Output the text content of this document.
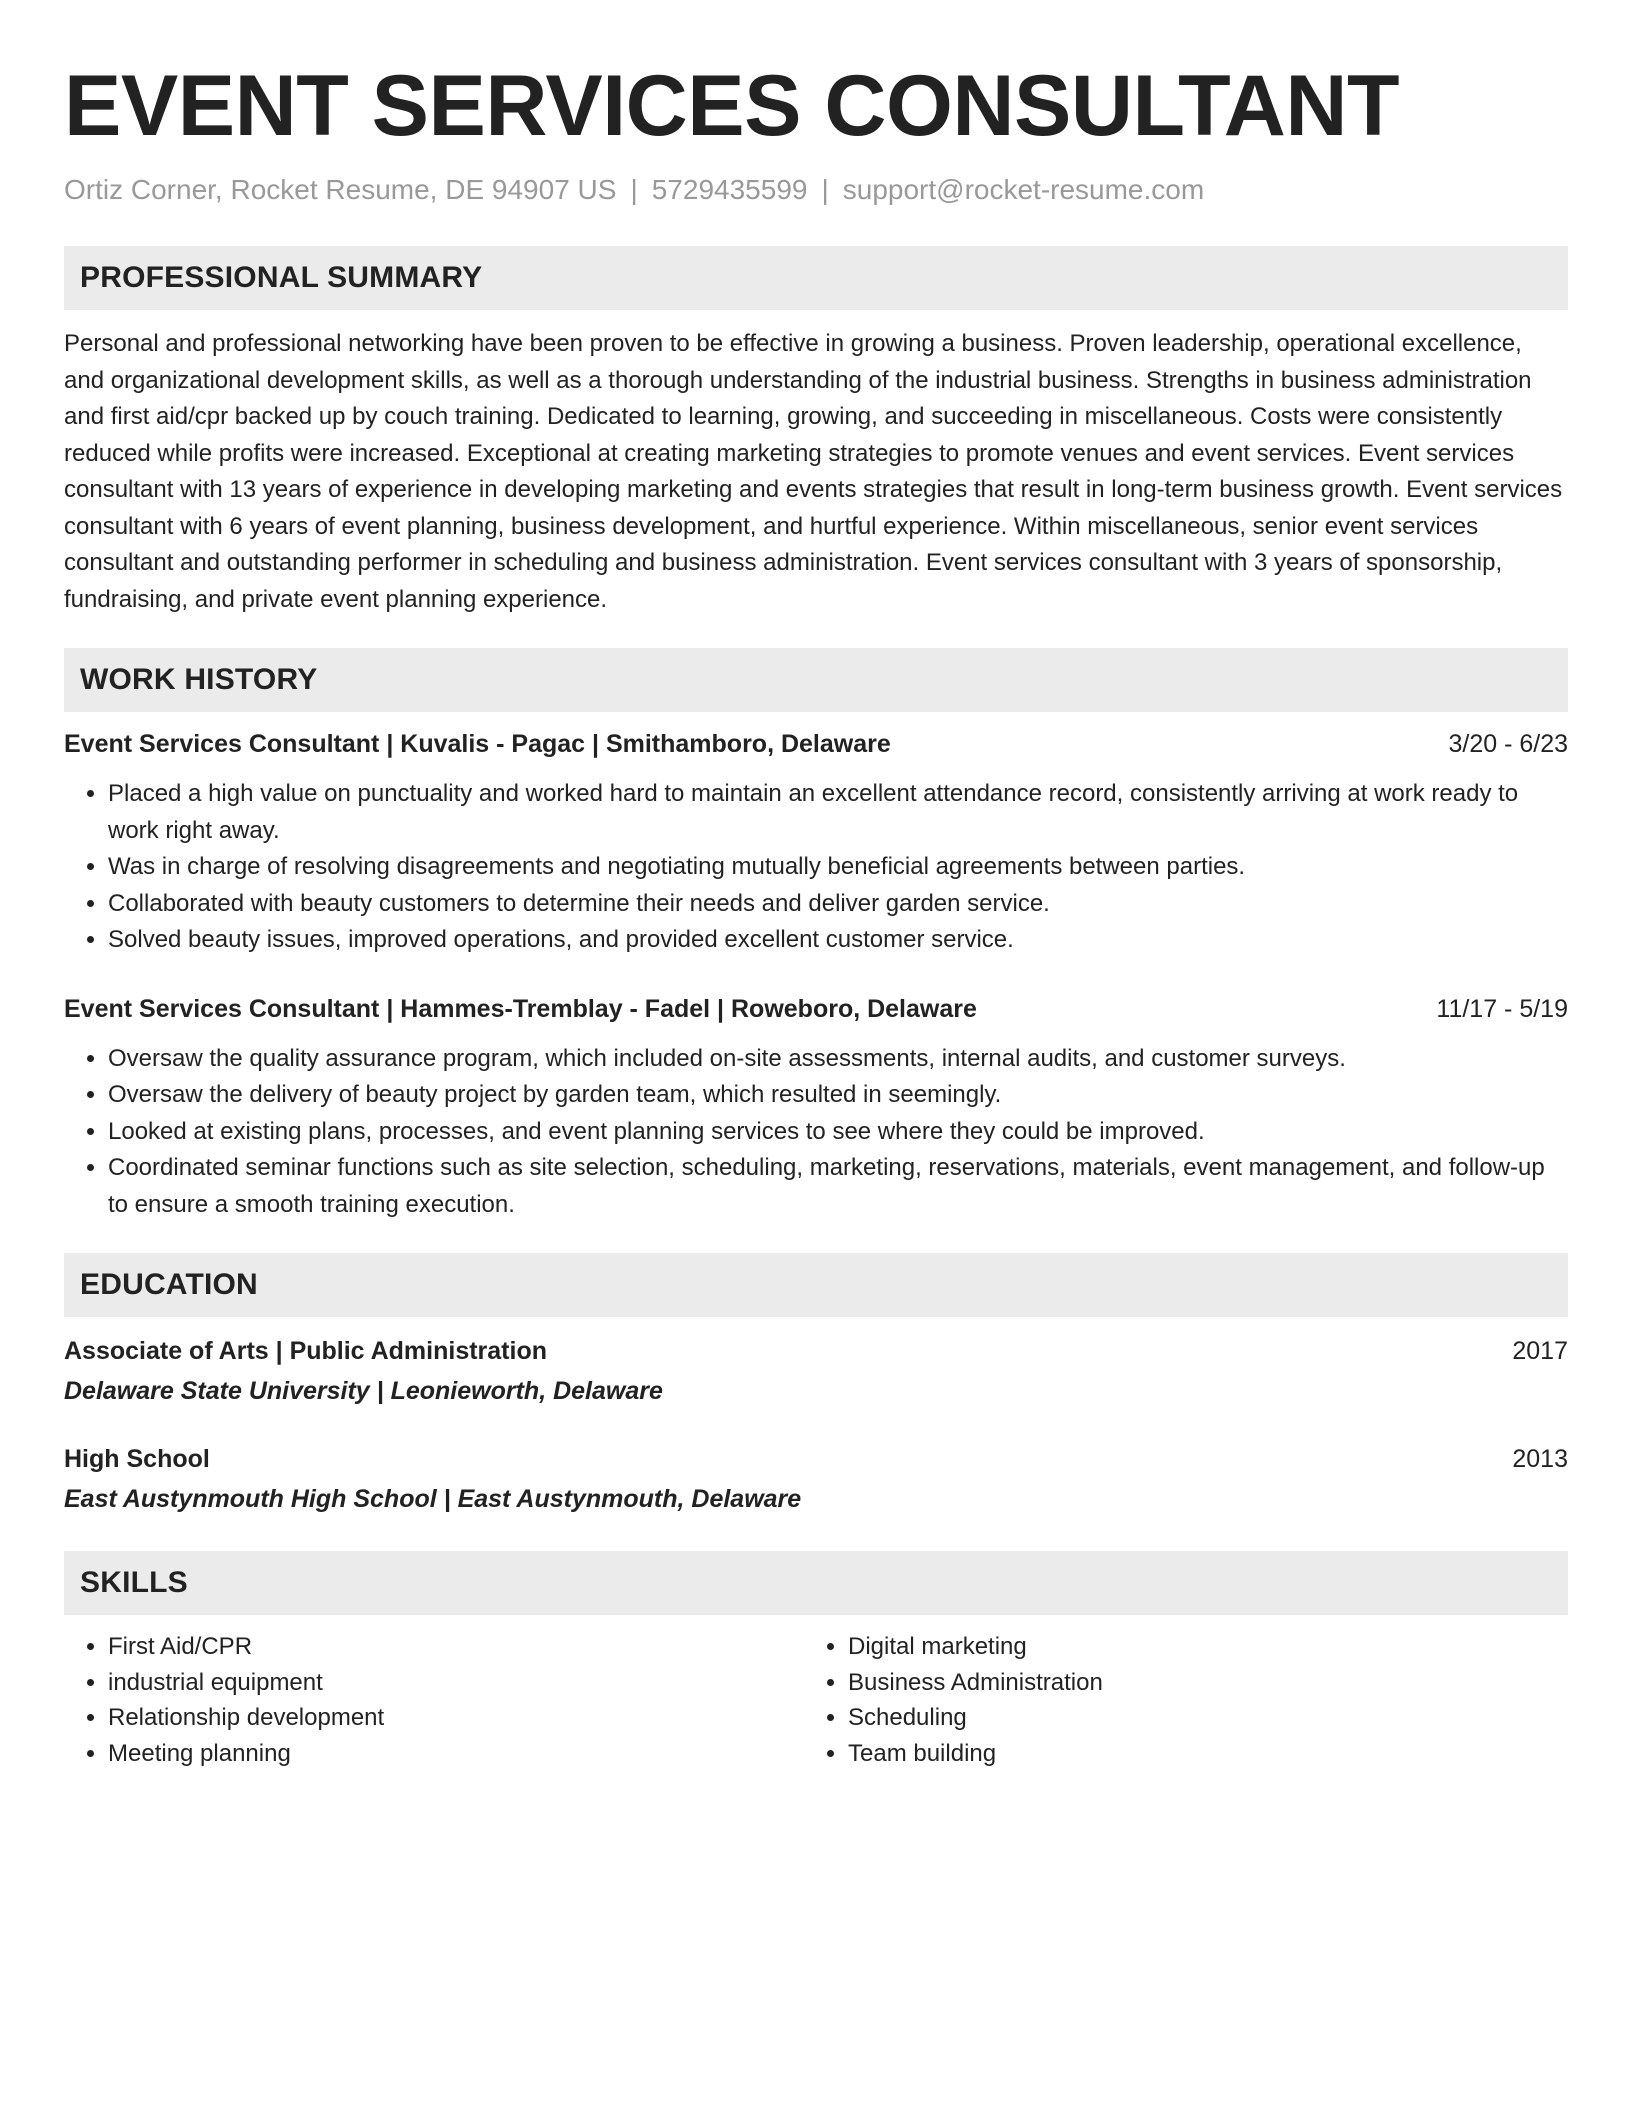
EVENT SERVICES CONSULTANT
Ortiz Corner, Rocket Resume, DE 94907 US | 5729435599 | support@rocket-resume.com
PROFESSIONAL SUMMARY

Personal and professional networking have been proven to be effective in growing a business. Proven leadership, operational excellence, and organizational development skills, as well as a thorough understanding of the industrial business. Strengths in business administration and first aid/cpr backed up by couch training. Dedicated to learning, growing, and succeeding in miscellaneous. Costs were consistently reduced while profits were increased. Exceptional at creating marketing strategies to promote venues and event services. Event services consultant with 13 years of experience in developing marketing and events strategies that result in long-term business growth. Event services consultant with 6 years of event planning, business development, and hurtful experience. Within miscellaneous, senior event services consultant and outstanding performer in scheduling and business administration. Event services consultant with 3 years of sponsorship, fundraising, and private event planning experience.

WORK HISTORY
Event Services Consultant | Kuvalis - Pagac | Smithamboro, Delaware	3/20 - 6/23
• Placed a high value on punctuality and worked hard to maintain an excellent attendance record, consistently arriving at work ready to work right away.
• Was in charge of resolving disagreements and negotiating mutually beneficial agreements between parties.
• Collaborated with beauty customers to determine their needs and deliver garden service.
• Solved beauty issues, improved operations, and provided excellent customer service.
Event Services Consultant | Hammes-Tremblay - Fadel | Roweboro, Delaware	11/17 - 5/19
• Oversaw the quality assurance program, which included on-site assessments, internal audits, and customer surveys.
• Oversaw the delivery of beauty project by garden team, which resulted in seemingly.
• Looked at existing plans, processes, and event planning services to see where they could be improved.
• Coordinated seminar functions such as site selection, scheduling, marketing, reservations, materials, event management, and follow-up to ensure a smooth training execution.
EDUCATION
Associate of Arts | Public Administration	2017
Delaware State University | Leonieworth, Delaware
High School	2013
East Austynmouth High School | East Austynmouth, Delaware
SKILLS
• First Aid/CPR
• industrial equipment
• Relationship development
• Meeting planning
• Digital marketing
• Business Administration
• Scheduling
• Team building
